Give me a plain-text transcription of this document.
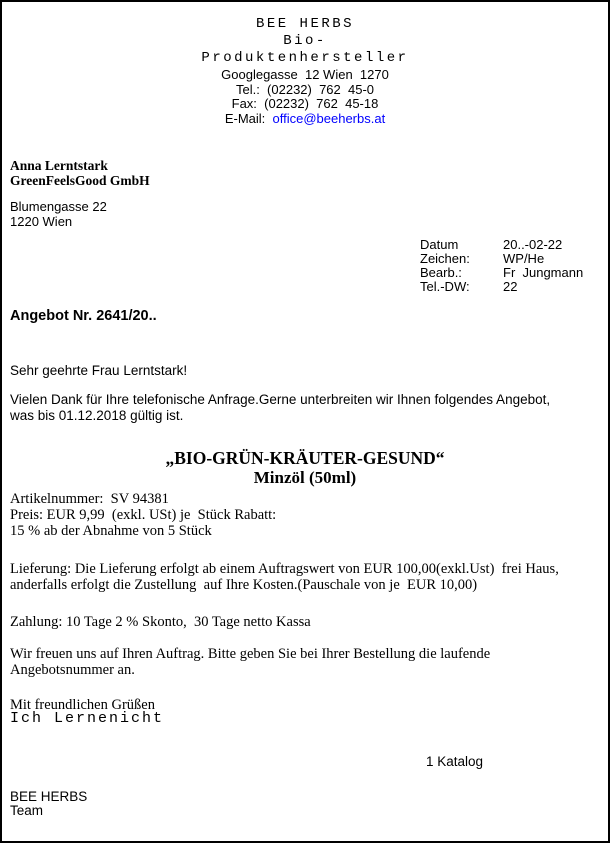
BEE HERBS
Bio-
Produktenhersteller
Googlegasse  12 Wien  1270
Tel.:  (02232)  762  45-0
Fax:  (02232)  762  45-18
E-Mail:  office@beeherbs.at
Anna Lerntstark
GreenFeelsGood GmbH
Blumengasse 22
1220 Wien
Datum	20..-02-22
Zeichen:	WP/He
Bearb.:	Fr  Jungmann
Tel.-DW:	22
Angebot Nr. 2641/20..
Sehr geehrte Frau Lerntstark!
Vielen Dank für Ihre telefonische Anfrage.Gerne unterbreiten wir Ihnen folgendes Angebot,
was bis 01.12.2018 gültig ist.
„BIO-GRÜN-KRÄUTER-GESUND“
Minzöl (50ml)
Artikelnummer:  SV 94381
Preis: EUR 9,99  (exkl. USt) je  Stück Rabatt:
15 % ab der Abnahme von 5 Stück
Lieferung: Die Lieferung erfolgt ab einem Auftragswert von EUR 100,00(exkl.Ust)  frei Haus,
anderfalls erfolgt die Zustellung  auf Ihre Kosten.(Pauschale von je  EUR 10,00)
Zahlung: 10 Tage 2 % Skonto,  30 Tage netto Kassa
Wir freuen uns auf Ihren Auftrag. Bitte geben Sie bei Ihrer Bestellung die laufende
Angebotsnummer an.
Mit freundlichen Grüßen
Ich Lernenicht
1 Katalog
BEE HERBS
Team
